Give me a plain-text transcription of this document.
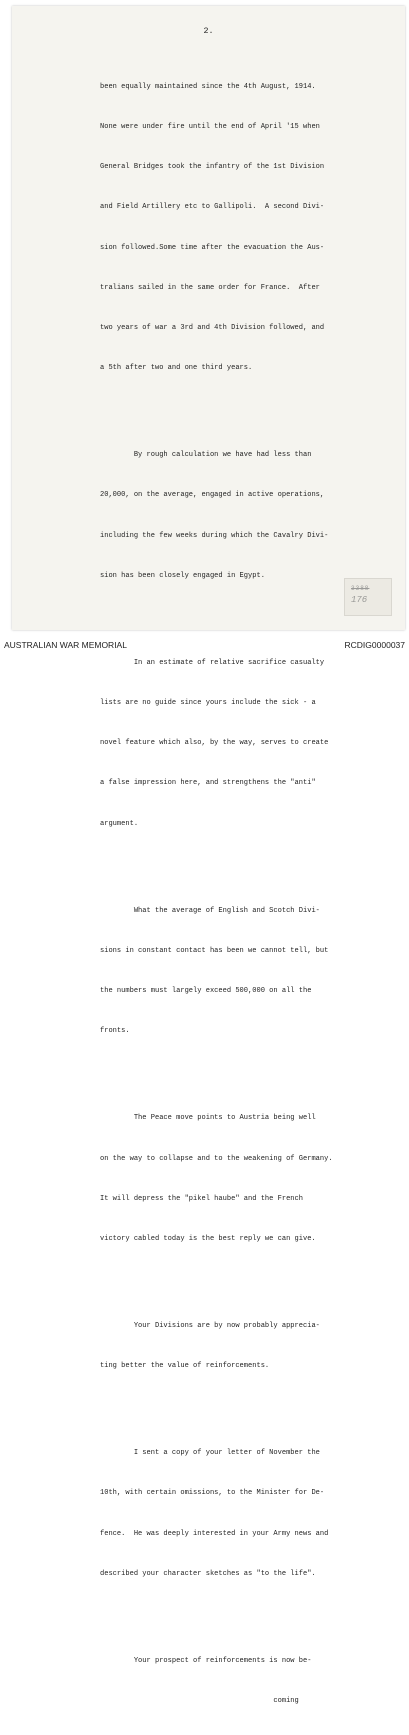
2.

been equally maintained since the 4th August, 1914.

None were under fire until the end of April '15 when

General Bridges took the infantry of the 1st Division

and Field Artillery etc to Gallipoli.  A second Divi-

sion followed.Some time after the evacuation the Aus-

tralians sailed in the same order for France.  After

two years of war a 3rd and 4th Division followed, and

a 5th after two and one third years.

By rough calculation we have had less than

20,000, on the average, engaged in active operations,

including the few weeks during which the Cavalry Divi-

sion has been closely engaged in Egypt.

In an estimate of relative sacrifice casualty

lists are no guide since yours include the sick - a

novel feature which also, by the way, serves to create

a false impression here, and strengthens the "anti"

argument.

What the average of English and Scotch Divi-

sions in constant contact has been we cannot tell, but

the numbers must largely exceed 500,000 on all the

fronts.

The Peace move points to Austria being well

on the way to collapse and to the weakening of Germany.

It will depress the "pikel haube" and the French

victory cabled today is the best reply we can give.

Your Divisions are by now probably apprecia-

ting better the value of reinforcements.

I sent a copy of your letter of November the

10th, with certain omissions, to the Minister for De-

fence.  He was deeply interested in your Army news and

described your character sketches as "to the life".

Your prospect of reinforcements is now be-

coming

3388
176
AUSTRALIAN WAR MEMORIAL	RCDIG0000037
